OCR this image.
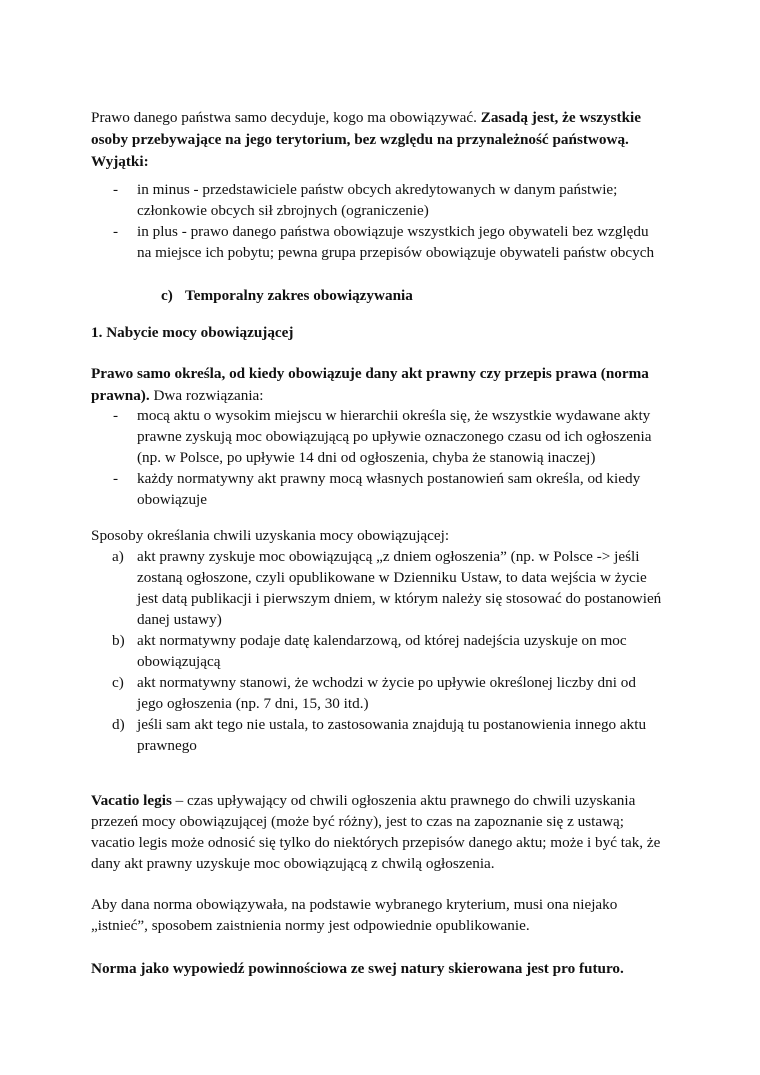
Prawo danego państwa samo decyduje, kogo ma obowiązywać. Zasadą jest, że wszystkie
osoby przebywające na jego terytorium, bez względu na przynależność państwową.
Wyjątki:
- in minus - przedstawiciele państw obcych akredytowanych w danym państwie;
członkowie obcych sił zbrojnych (ograniczenie)
- in plus - prawo danego państwa obowiązuje wszystkich jego obywateli bez względu
na miejsce ich pobytu; pewna grupa przepisów obowiązuje obywateli państw obcych
c) Temporalny zakres obowiązywania
1. Nabycie mocy obowiązującej
Prawo samo określa, od kiedy obowiązuje dany akt prawny czy przepis prawa (norma
prawna). Dwa rozwiązania:
- mocą aktu o wysokim miejscu w hierarchii określa się, że wszystkie wydawane akty
prawne zyskują moc obowiązującą po upływie oznaczonego czasu od ich ogłoszenia
(np. w Polsce, po upływie 14 dni od ogłoszenia, chyba że stanowią inaczej)
- każdy normatywny akt prawny mocą własnych postanowień sam określa, od kiedy
obowiązuje
Sposoby określania chwili uzyskania mocy obowiązującej:
a) akt prawny zyskuje moc obowiązującą „z dniem ogłoszenia” (np. w Polsce -> jeśli
zostaną ogłoszone, czyli opublikowane w Dzienniku Ustaw, to data wejścia w życie
jest datą publikacji i pierwszym dniem, w którym należy się stosować do postanowień
danej ustawy)
b) akt normatywny podaje datę kalendarzową, od której nadejścia uzyskuje on moc
obowiązującą
c) akt normatywny stanowi, że wchodzi w życie po upływie określonej liczby dni od
jego ogłoszenia (np. 7 dni, 15, 30 itd.)
d) jeśli sam akt tego nie ustala, to zastosowania znajdują tu postanowienia innego aktu
prawnego
Vacatio legis – czas upływający od chwili ogłoszenia aktu prawnego do chwili uzyskania
przezeń mocy obowiązującej (może być różny), jest to czas na zapoznanie się z ustawą;
vacatio legis może odnosić się tylko do niektórych przepisów danego aktu; może i być tak, że
dany akt prawny uzyskuje moc obowiązującą z chwilą ogłoszenia.
Aby dana norma obowiązywała, na podstawie wybranego kryterium, musi ona niejako
„istnieć”, sposobem zaistnienia normy jest odpowiednie opublikowanie.
Norma jako wypowiedź powinnościowa ze swej natury skierowana jest pro futuro.
